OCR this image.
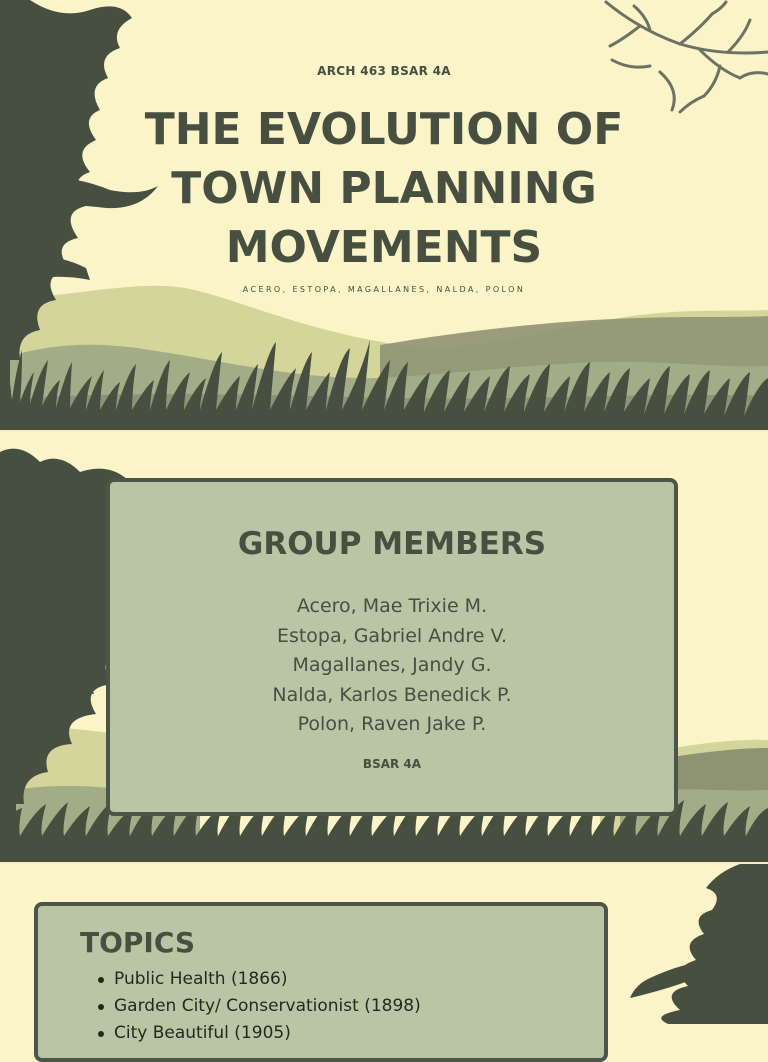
ARCH 463 BSAR 4A
THE EVOLUTION OF
TOWN PLANNING
MOVEMENTS
ACERO, ESTOPA, MAGALLANES, NALDA, POLON
GROUP MEMBERS
Acero, Mae Trixie M.
Estopa, Gabriel Andre V.
Magallanes, Jandy G.
Nalda, Karlos Benedick P.
Polon, Raven Jake P.
BSAR 4A
TOPICS
Public Health (1866)
Garden City/ Conservationist (1898)
City Beautiful (1905)
